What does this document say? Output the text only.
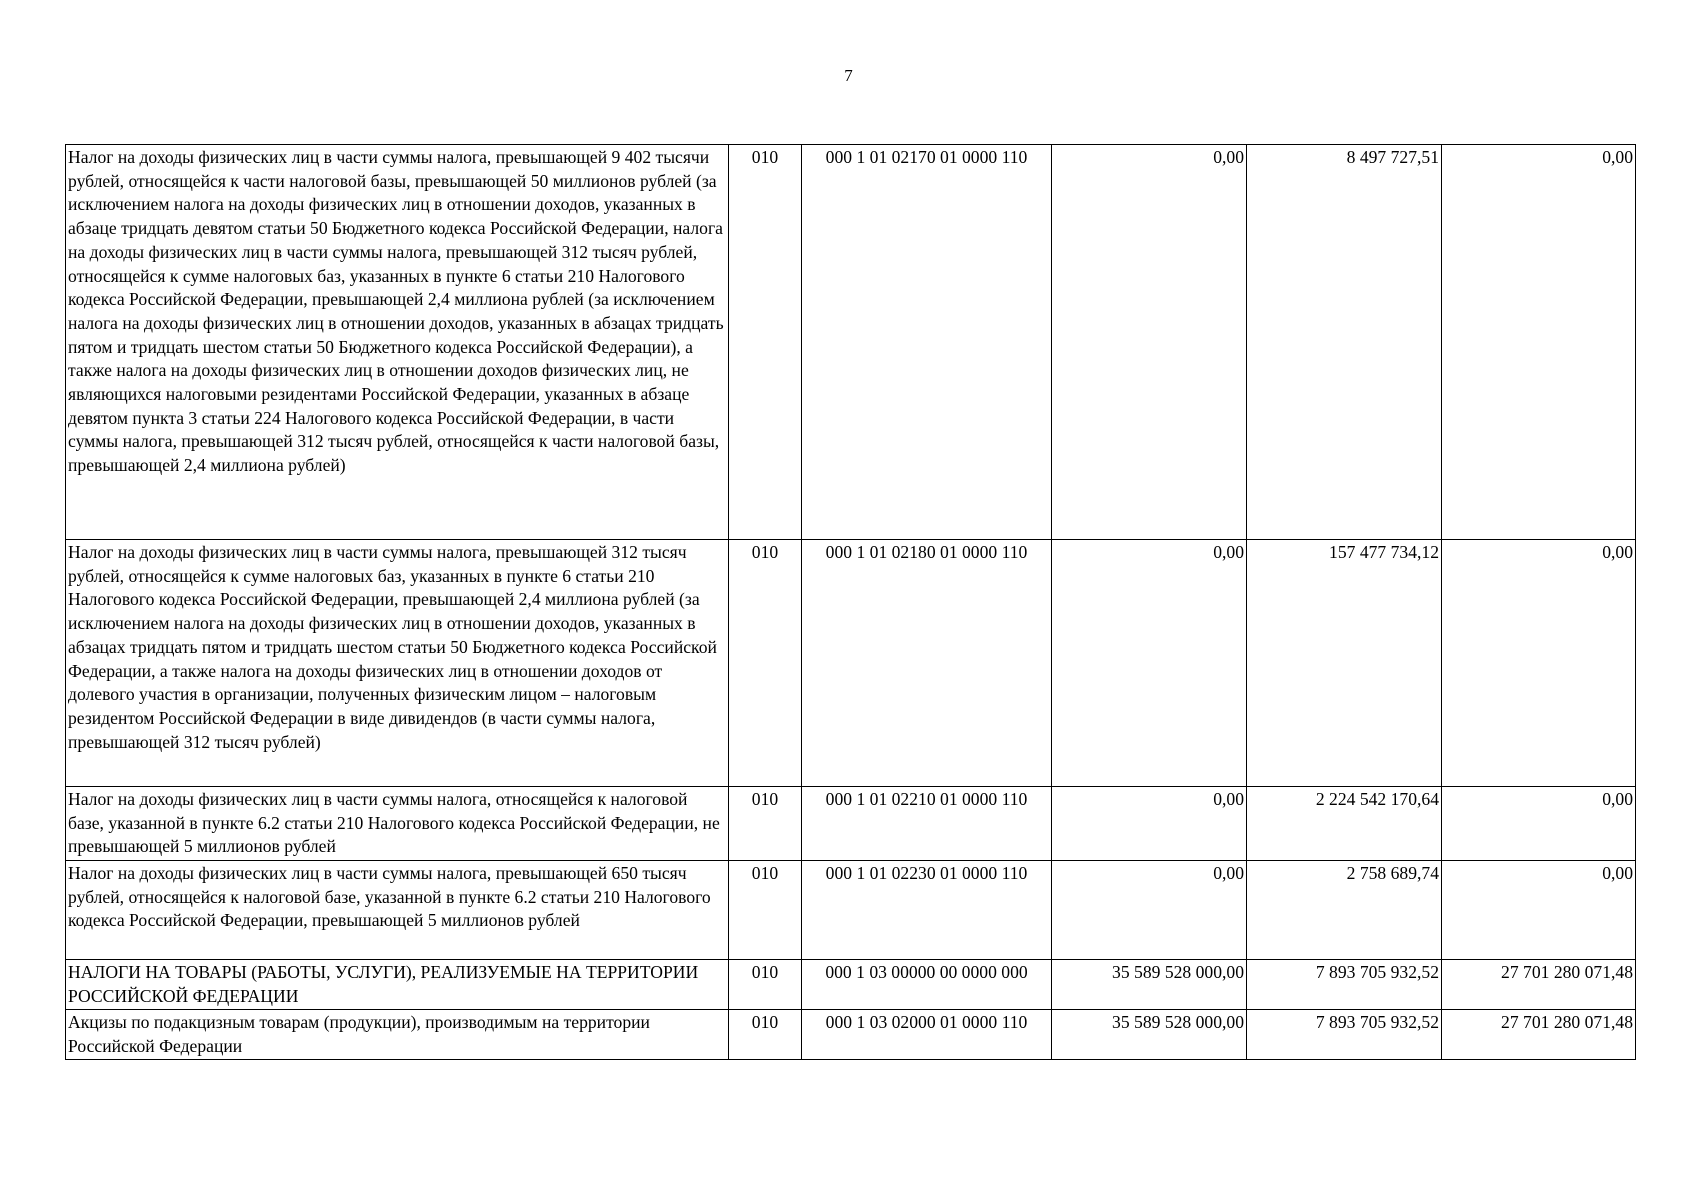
7
Налог на доходы физических лиц в части суммы налога, превышающей 9 402 тысячи рублей, относящейся к части налоговой базы, превышающей 50 миллионов рублей (за исключением налога на доходы физических лиц в отношении доходов, указанных в абзаце тридцать девятом статьи 50 Бюджетного кодекса Российской Федерации, налога на доходы физических лиц в части суммы налога, превышающей 312 тысяч рублей, относящейся к сумме налоговых баз, указанных в пункте 6 статьи 210 Налогового кодекса Российской Федерации, превышающей 2,4 миллиона рублей (за исключением налога на доходы физических лиц в отношении доходов, указанных в абзацах тридцать пятом и тридцать шестом статьи 50 Бюджетного кодекса Российской Федерации), а также налога на доходы физических лиц в отношении доходов физических лиц, не являющихся налоговыми резидентами Российской Федерации, указанных в абзаце девятом пункта 3 статьи 224 Налогового кодекса Российской Федерации, в части суммы налога, превышающей 312 тысяч рублей, относящейся к части налоговой базы, превышающей 2,4 миллиона рублей)	010	000 1 01 02170 01 0000 110	0,00	8 497 727,51	0,00
Налог на доходы физических лиц в части суммы налога, превышающей 312 тысяч рублей, относящейся к сумме налоговых баз, указанных в пункте 6 статьи 210 Налогового кодекса Российской Федерации, превышающей 2,4 миллиона рублей (за исключением налога на доходы физических лиц в отношении доходов, указанных в абзацах тридцать пятом и тридцать шестом статьи 50 Бюджетного кодекса Российской Федерации, а также налога на доходы физических лиц в отношении доходов от долевого участия в организации, полученных физическим лицом – налоговым резидентом Российской Федерации в виде дивидендов (в части суммы налога, превышающей 312 тысяч рублей)	010	000 1 01 02180 01 0000 110	0,00	157 477 734,12	0,00
Налог на доходы физических лиц в части суммы налога, относящейся к налоговой базе, указанной в пункте 6.2 статьи 210 Налогового кодекса Российской Федерации, не превышающей 5 миллионов рублей	010	000 1 01 02210 01 0000 110	0,00	2 224 542 170,64	0,00
Налог на доходы физических лиц в части суммы налога, превышающей 650 тысяч рублей, относящейся к налоговой базе, указанной в пункте 6.2 статьи 210 Налогового кодекса Российской Федерации, превышающей 5 миллионов рублей	010	000 1 01 02230 01 0000 110	0,00	2 758 689,74	0,00
НАЛОГИ НА ТОВАРЫ (РАБОТЫ, УСЛУГИ), РЕАЛИЗУЕМЫЕ НА ТЕРРИТОРИИ РОССИЙСКОЙ ФЕДЕРАЦИИ	010	000 1 03 00000 00 0000 000	35 589 528 000,00	7 893 705 932,52	27 701 280 071,48
Акцизы по подакцизным товарам (продукции), производимым на территории Российской Федерации	010	000 1 03 02000 01 0000 110	35 589 528 000,00	7 893 705 932,52	27 701 280 071,48
